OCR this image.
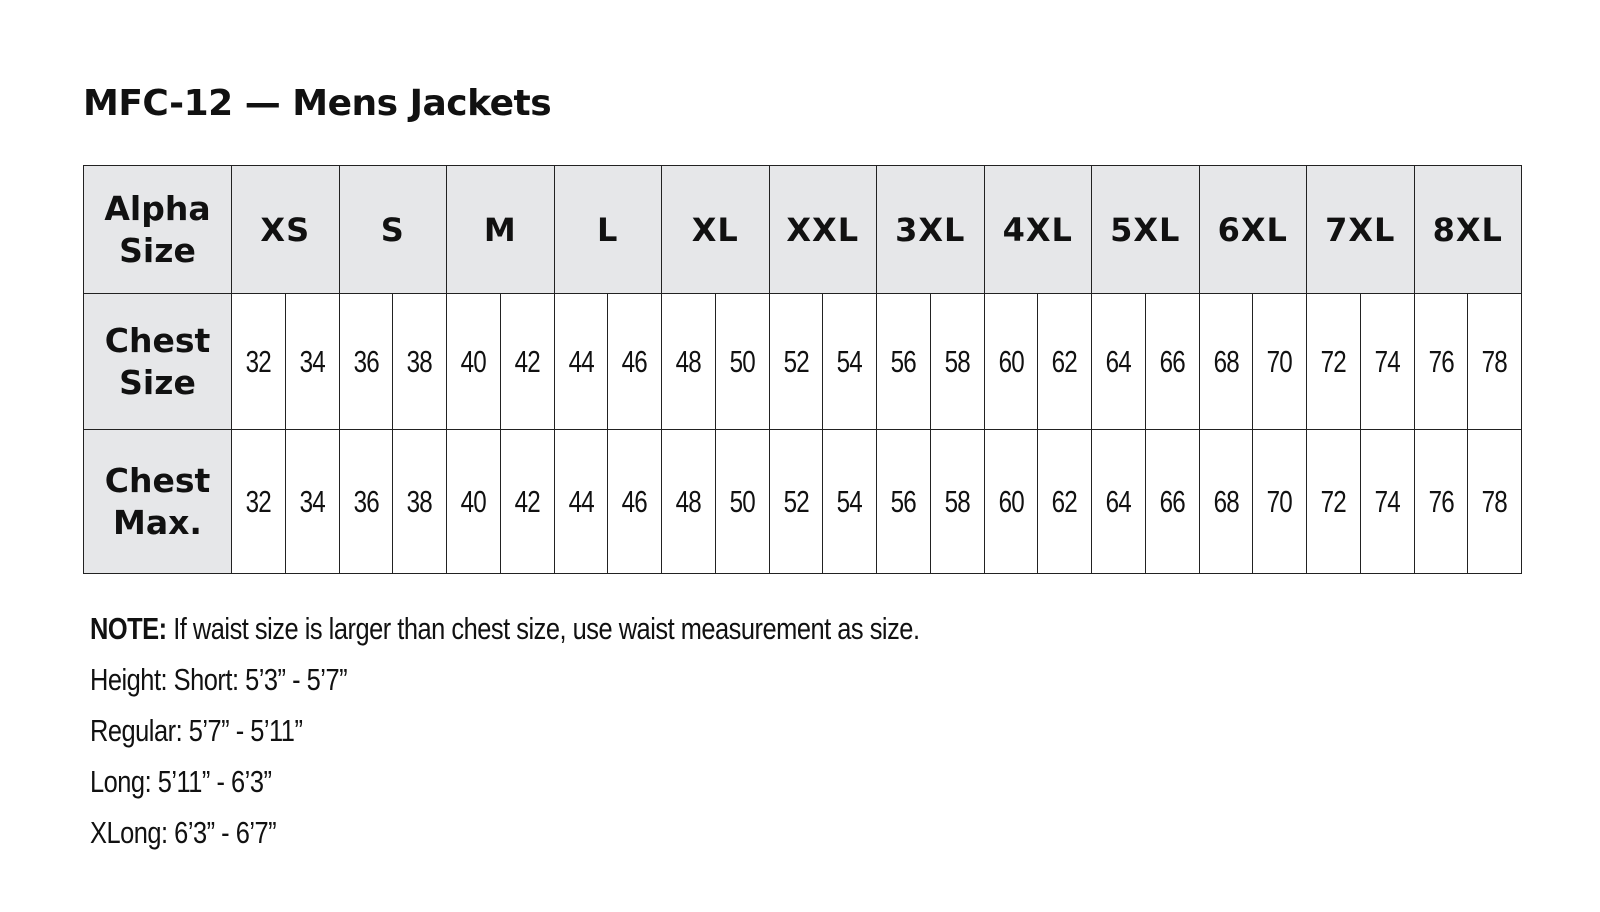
MFC-12 — Mens Jackets
Alpha
Size	XS		S		M		L		XL		XXL		3XL		4XL		5XL		6XL		7XL		8XL	

Chest
Size	32	34	36	38	40	42	44	46	48	50	52	54	56	58	60	62	64	66	68	70	72	74	76	78

Chest
Max.	32	34	36	38	40	42	44	46	48	50	52	54	56	58	60	62	64	66	68	70	72	74	76	78
NOTE: If waist size is larger than chest size, use waist measurement as size.
Height: Short: 5’3” - 5’7”
Regular: 5’7” - 5’11”
Long: 5’11” - 6’3”
XLong: 6’3” - 6’7”
